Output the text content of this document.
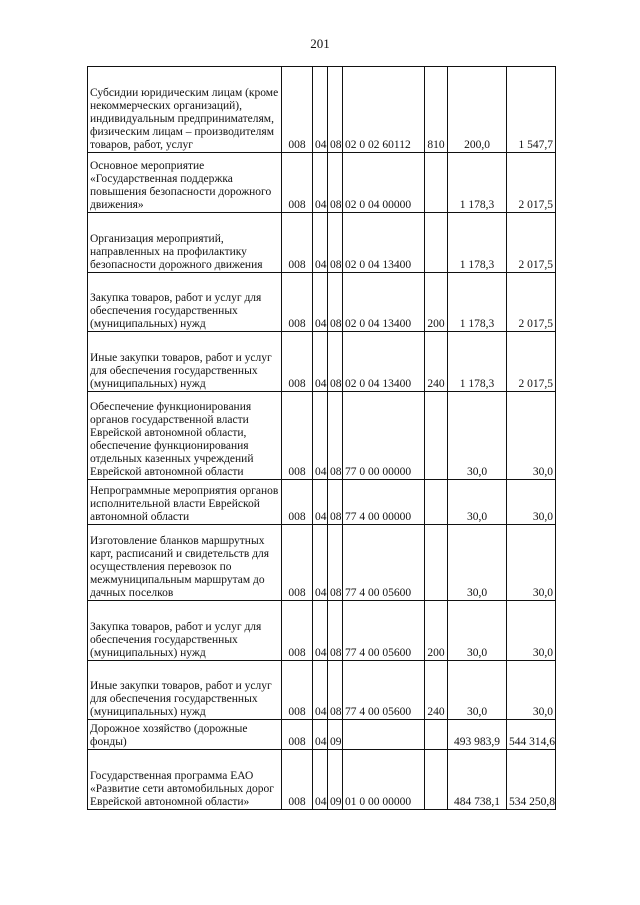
201
Субсидии юридическим лицам (кроме некоммерческих организаций), индивидуальным предпринимателям, физическим лицам – производителям товаров, работ, услуг	008	04	08	02 0 02 60112	810	200,0	1 547,7
Основное мероприятие «Государственная поддержка повышения безопасности дорожного движения»	008	04	08	02 0 04 00000		1 178,3	2 017,5
Организация мероприятий, направленных на профилактику безопасности дорожного движения	008	04	08	02 0 04 13400		1 178,3	2 017,5
Закупка товаров, работ и услуг для обеспечения государственных (муниципальных) нужд	008	04	08	02 0 04 13400	200	1 178,3	2 017,5
Иные закупки товаров, работ и услуг для обеспечения государственных (муниципальных) нужд	008	04	08	02 0 04 13400	240	1 178,3	2 017,5
Обеспечение функционирования органов государственной власти Еврейской автономной области, обеспечение функционирования отдельных казенных учреждений Еврейской автономной области	008	04	08	77 0 00 00000		30,0	30,0
Непрограммные мероприятия органов исполнительной власти Еврейской автономной области	008	04	08	77 4 00 00000		30,0	30,0
Изготовление бланков маршрутных карт, расписаний и свидетельств для осуществления перевозок по межмуниципальным маршрутам до дачных поселков	008	04	08	77 4 00 05600		30,0	30,0
Закупка товаров, работ и услуг для обеспечения государственных (муниципальных) нужд	008	04	08	77 4 00 05600	200	30,0	30,0
Иные закупки товаров, работ и услуг для обеспечения государственных (муниципальных) нужд	008	04	08	77 4 00 05600	240	30,0	30,0
Дорожное хозяйство (дорожные фонды)	008	04	09			493 983,9	544 314,6
Государственная программа ЕАО «Развитие сети автомобильных дорог Еврейской автономной области»	008	04	09	01 0 00 00000		484 738,1	534 250,8
